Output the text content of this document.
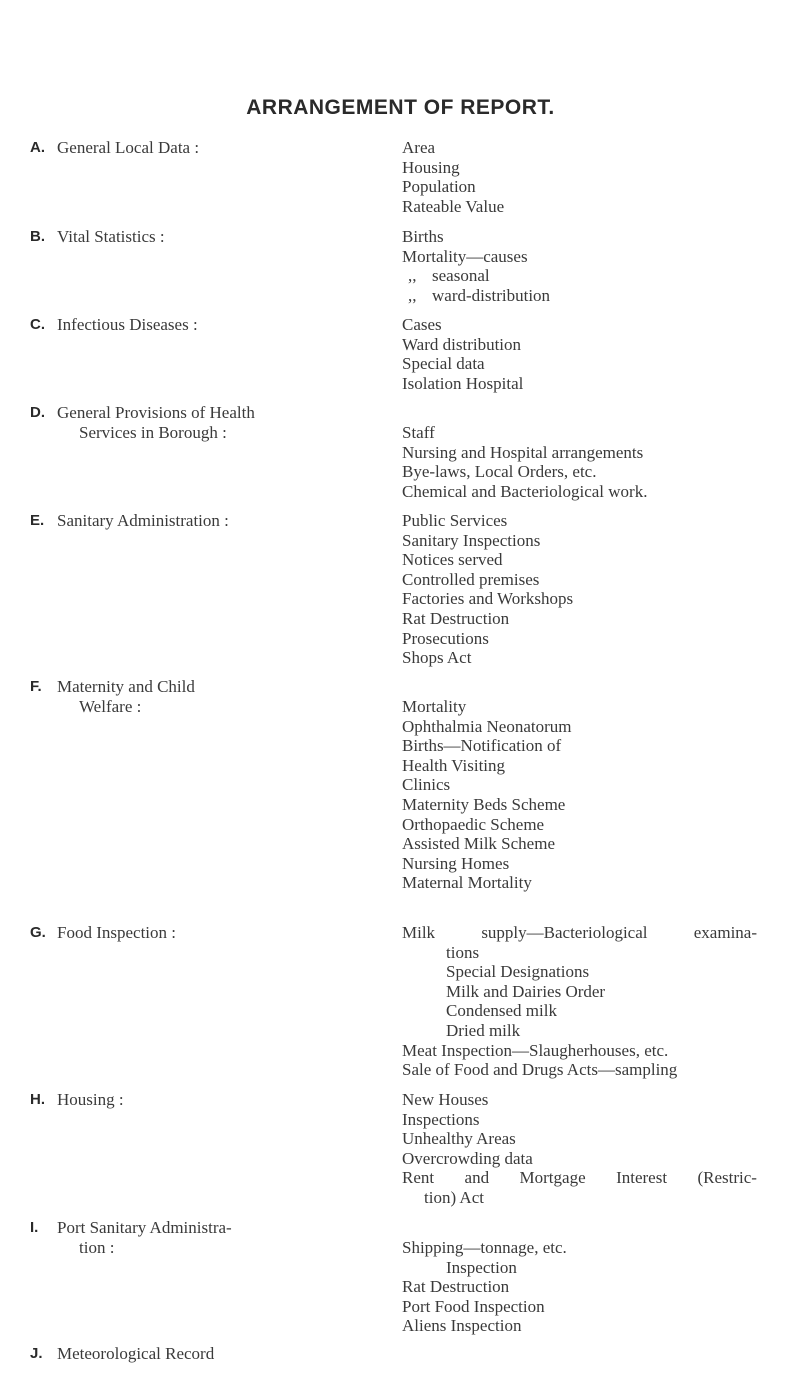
ARRANGEMENT OF REPORT.
A. General Local Data :	Area
Housing
Population
Rateable Value
B. Vital Statistics :	Births
Mortality—causes
,, seasonal
,, ward-distribution
C. Infectious Diseases :	Cases
Ward distribution
Special data
Isolation Hospital
D. General Provisions of Health
Services in Borough :	Staff
Nursing and Hospital arrangements
Bye-laws, Local Orders, etc.
Chemical and Bacteriological work.
E. Sanitary Administration :	Public Services
Sanitary Inspections
Notices served
Controlled premises
Factories and Workshops
Rat Destruction
Prosecutions
Shops Act
F. Maternity and Child
Welfare :	Mortality
Ophthalmia Neonatorum
Births—Notification of
Health Visiting
Clinics
Maternity Beds Scheme
Orthopaedic Scheme
Assisted Milk Scheme
Nursing Homes
Maternal Mortality
G. Food Inspection :	Milk	supply—Bacteriological	examina-
tions
Special Designations
Milk and Dairies Order
Condensed milk
Dried milk
Meat Inspection—Slaugherhouses, etc.
Sale of Food and Drugs Acts—sampling
H. Housing :	New Houses
Inspections
Unhealthy Areas
Overcrowding data
Rent and Mortgage Interest (Restric-
tion) Act
I. Port Sanitary Administra-
tion :	Shipping—tonnage, etc.
Inspection
Rat Destruction
Port Food Inspection
Aliens Inspection
J. Meteorological Record
